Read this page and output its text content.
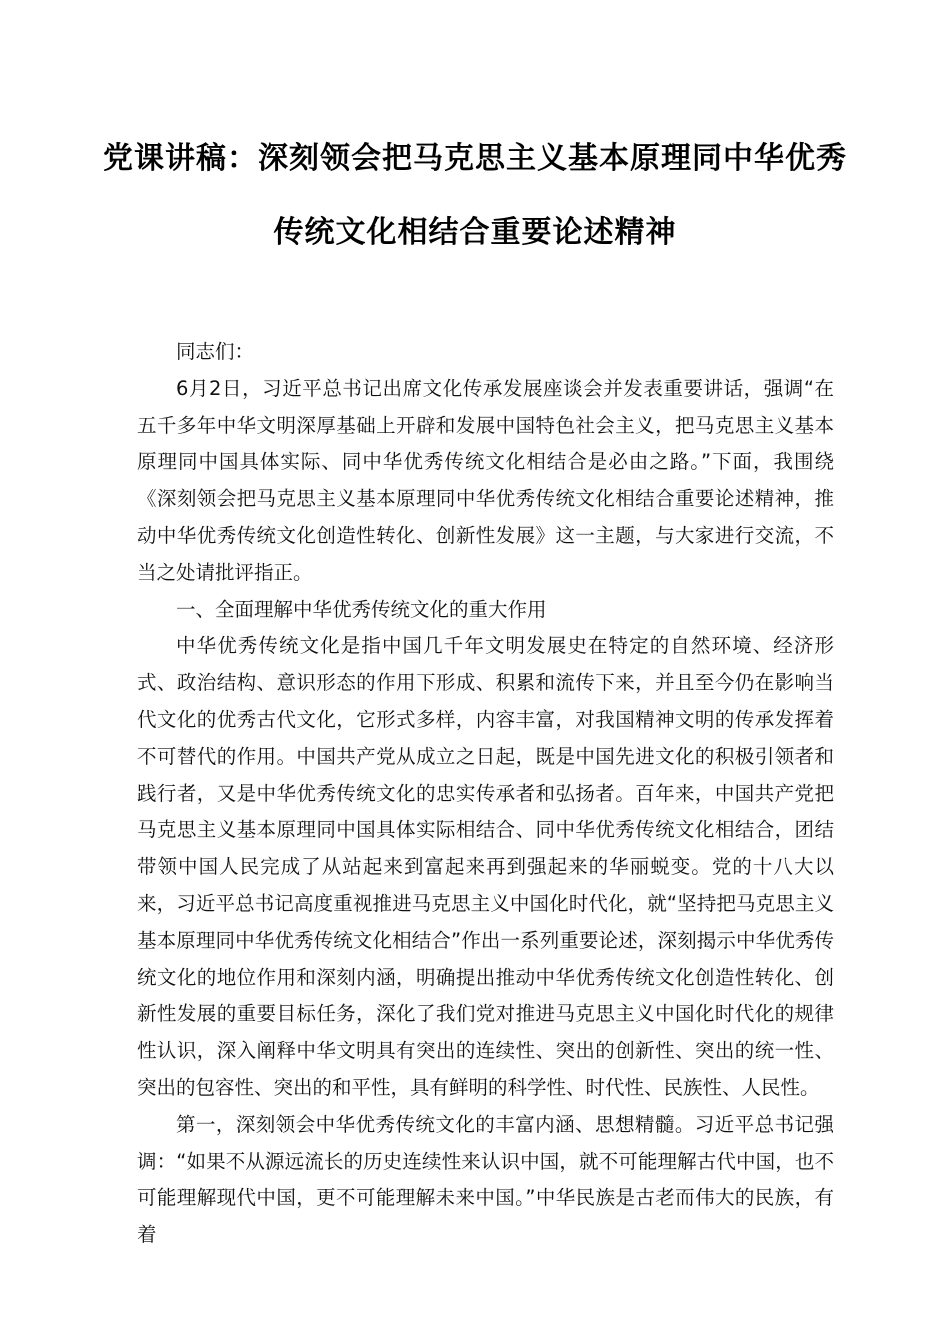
党课讲稿：深刻领会把马克思主义基本原理同中华优秀
传统文化相结合重要论述精神

同志们：

6月2日，习近平总书记出席文化传承发展座谈会并发表重要讲话，强调“在五千多年中华文明深厚基础上开辟和发展中国特色社会主义，把马克思主义基本原理同中国具体实际、同中华优秀传统文化相结合是必由之路。”下面，我围绕《深刻领会把马克思主义基本原理同中华优秀传统文化相结合重要论述精神，推动中华优秀传统文化创造性转化、创新性发展》这一主题，与大家进行交流，不当之处请批评指正。

一、全面理解中华优秀传统文化的重大作用

中华优秀传统文化是指中国几千年文明发展史在特定的自然环境、经济形式、政治结构、意识形态的作用下形成、积累和流传下来，并且至今仍在影响当代文化的优秀古代文化，它形式多样，内容丰富，对我国精神文明的传承发挥着不可替代的作用。中国共产党从成立之日起，既是中国先进文化的积极引领者和践行者，又是中华优秀传统文化的忠实传承者和弘扬者。百年来，中国共产党把马克思主义基本原理同中国具体实际相结合、同中华优秀传统文化相结合，团结带领中国人民完成了从站起来到富起来再到强起来的华丽蜕变。党的十八大以来，习近平总书记高度重视推进马克思主义中国化时代化，就“坚持把马克思主义基本原理同中华优秀传统文化相结合”作出一系列重要论述，深刻揭示中华优秀传统文化的地位作用和深刻内涵，明确提出推动中华优秀传统文化创造性转化、创新性发展的重要目标任务，深化了我们党对推进马克思主义中国化时代化的规律性认识，深入阐释中华文明具有突出的连续性、突出的创新性、突出的统一性、突出的包容性、突出的和平性，具有鲜明的科学性、时代性、民族性、人民性。

第一，深刻领会中华优秀传统文化的丰富内涵、思想精髓。习近平总书记强调：“如果不从源远流长的历史连续性来认识中国，就不可能理解古代中国，也不可能理解现代中国，更不可能理解未来中国。”中华民族是古老而伟大的民族，有着
